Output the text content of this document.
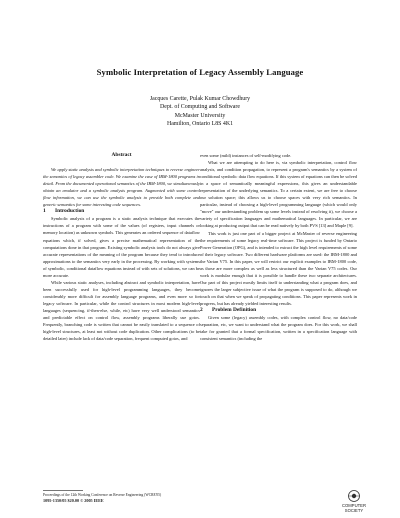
Symbolic Interpretation of Legacy Assembly Language
Jacques Carette, Pulak Kumar Chowdhury
Dept. of Computing and Software
McMaster University
Hamilton, Ontario L8S 4K1
Abstract

We apply static analysis and symbolic interpretation techniques to reverse engineer the semantics of legacy assembler code. We examine the case of IBM-1800 programs in detail. From the documented operational semantics of the IBM-1800, we simultaneously obtain an emulator and a symbolic analysis program. Augmented with some control flow information, we can use the symbolic analysis to provide both complete and generic semantics for some interesting code sequences.

1 Introduction

Symbolic analysis of a program is a static analysis technique that executes the instructions of a program with some of the values (of registers, input channels or memory location) as unknown symbols. This generates an ordered sequence of dataflow equations which, if solved, gives a precise mathematical representation of the computations done in that program. Existing symbolic analysis tools do not always give accurate representations of the meaning of the program because they tend to introduce approximations to the semantics very early in the processing. By working with systems of symbolic, conditional dataflow equations instead of with sets of solutions, we can be more accurate.

While various static analyses, including abstract and symbolic interpretation, have been successfully used for high-level programming languages, they become considerably more difficult for assembly language programs, and even more so for legacy software. In particular, while the control structures in most modern high-level languages (sequencing, if-then-else, while, etc) have very well understood semantics and predictable effect on control flow, assembly programs liberally use gotos. Frequently, branching code is written that cannot be easily translated to a sequence of high-level structures, at least not without code duplication. Other complications (to be detailed later) include lack of data/code separation, frequent computed gotos, and

even some (mild) instances of self-modifying code.

What we are attempting to do here is, via symbolic interpretation, control flow analysis, and condition propagation, to represent a program's semantics by a system of conditional symbolic data flow equations. If this system of equations can then be solved in a space of semantically meaningful expressions, this gives an understandable representation of the underlying semantics. To a certain extent, we are free to choose our solution space; this allows us to choose spaces with very rich semantics. In particular, instead of choosing a high-level programming language (which would only "move" our understanding problem up some levels instead of resolving it), we choose a variety of specification languages and mathematical languages. In particular, we are looking at producing output that can be read natively by both PVS [13] and Maple [9].

This work is just one part of a bigger project at McMaster of reverse engineering the requirements of some legacy real-time software. This project is funded by Ontario Power Generation (OPG), and is intended to extract the high level requirements of some of their legacy software. Two different hardware platforms are used: the IBM-1800 and the Varian V75. In this paper, we will restrict our explicit examples to IBM-1800 code, as those are more complex as well as less structured than the Varian V75 codes. Our work is modular enough that it is possible to handle these two separate architectures. Our part of this project mostly limits itself to understanding what a program does, and ignores the larger subjective issue of what the program is supposed to do, although we touch on that when we speak of propagating conditions. This paper represents work in progress, but has already yielded interesting results.

2 Problem Definition

Given some (legacy) assembly codes, with complex control flow, no data/code separation, etc, we want to understand what the program does. For this work, we shall take for granted that a formal specification, written in a specification language with consistent semantics (including the

Proceedings of the 12th Working Conference on Reverse Engineering (WCRE'05)
1095-1350/05 $20.00 © 2005 IEEE
COMPUTER
SOCIETY
